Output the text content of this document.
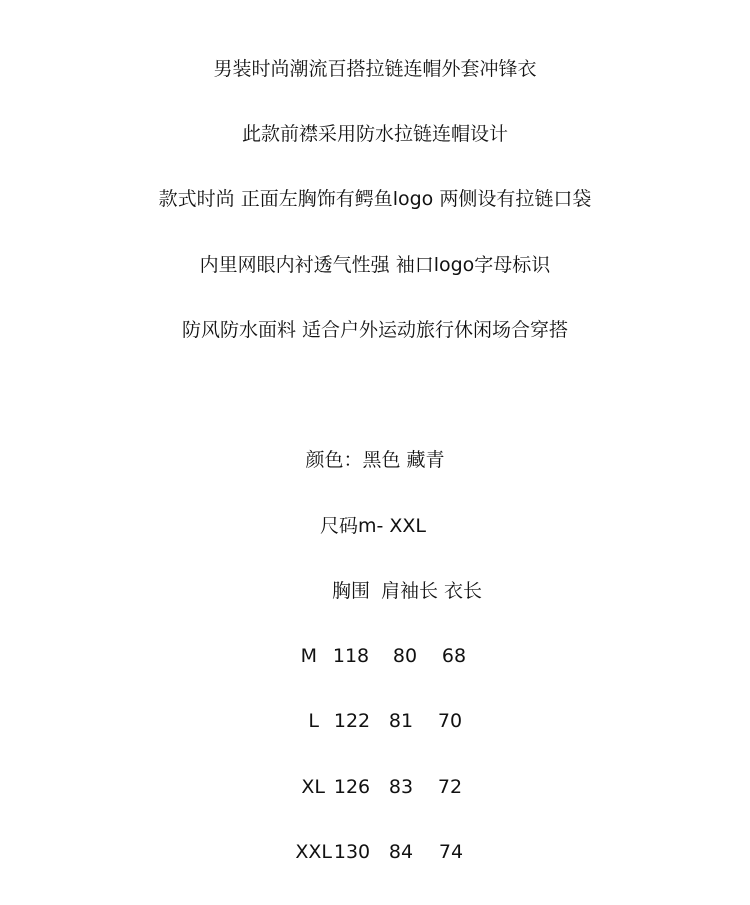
男装时尚潮流百搭拉链连帽外套冲锋衣
此款前襟采用防水拉链连帽设计
款式时尚 正面左胸饰有鳄鱼logo 两侧设有拉链口袋
内里网眼内衬透气性强 袖口logo字母标识
防风防水面料 适合户外运动旅行休闲场合穿搭
颜色：黑色 藏青
尺码m- XXL
胸围 肩袖长 衣长
M 118	80	68
L 122 81	70
XL 126 83	72
XXL 130 84	74
